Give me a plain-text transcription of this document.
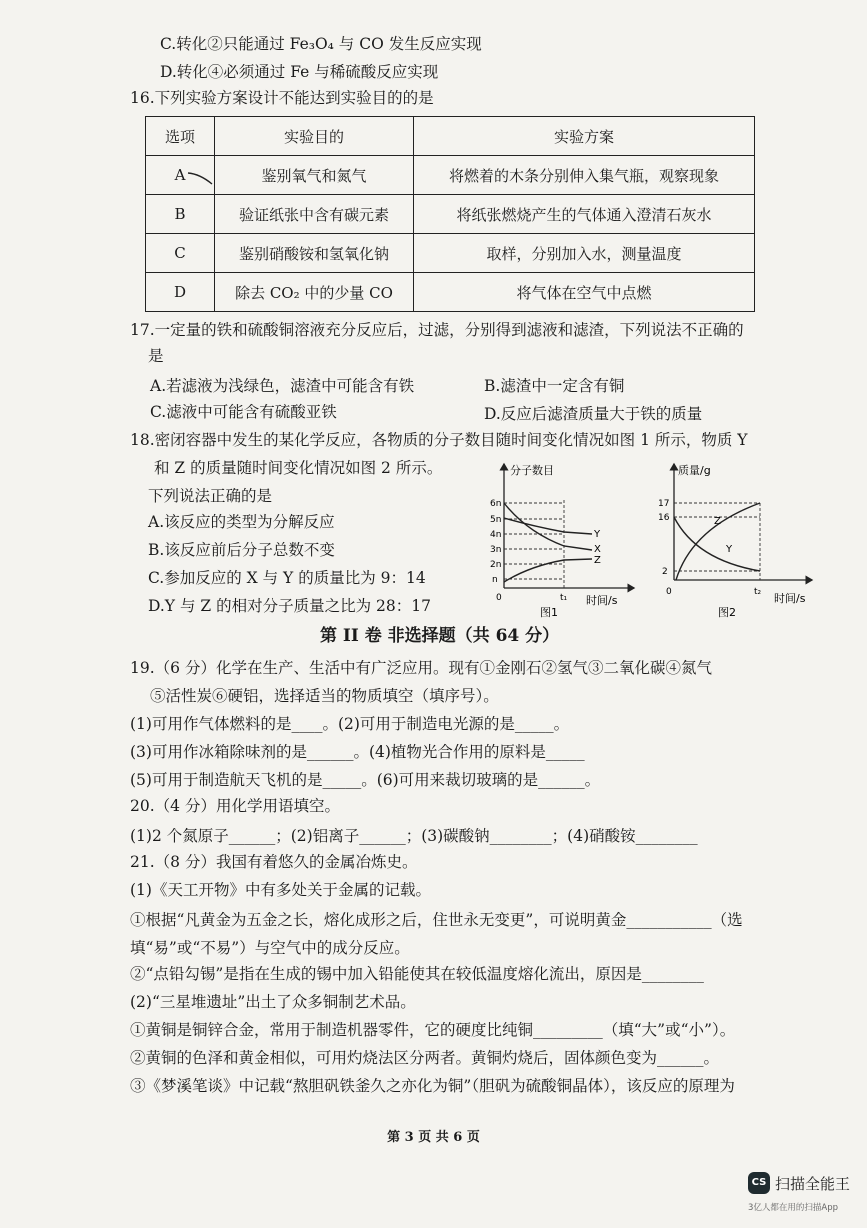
C.转化②只能通过 Fe₃O₄ 与 CO 发生反应实现
D.转化④必须通过 Fe 与稀硫酸反应实现
16.下列实验方案设计不能达到实验目的的是
选项	实验目的	实验方案
A	鉴别氧气和氮气	将燃着的木条分别伸入集气瓶，观察现象
B	验证纸张中含有碳元素	将纸张燃烧产生的气体通入澄清石灰水
C	鉴别硝酸铵和氢氧化钠	取样，分别加入水，测量温度
D	除去 CO₂ 中的少量 CO	将气体在空气中点燃
17.一定量的铁和硫酸铜溶液充分反应后，过滤，分别得到滤液和滤渣，下列说法不正确的
是
A.若滤液为浅绿色，滤渣中可能含有铁	B.滤渣中一定含有铜
C.滤液中可能含有硫酸亚铁	D.反应后滤渣质量大于铁的质量
18.密闭容器中发生的某化学反应，各物质的分子数目随时间变化情况如图 1 所示，物质 Y
和 Z 的质量随时间变化情况如图 2 所示。
下列说法正确的是
A.该反应的类型为分解反应
B.该反应前后分子总数不变
C.参加反应的 X 与 Y 的质量比为 9：14
D.Y 与 Z 的相对分子质量之比为 28：17
分子数目
时间/s
6n
5n
4n
3n
2n
n
0	t₁
Y
X
Z
图1
质量/g
时间/s
17
16
2
0	t₂
Z
Y
图2
第 II 卷 非选择题（共 64 分）
19.（6 分）化学在生产、生活中有广泛应用。现有①金刚石②氢气③二氧化碳④氮气
⑤活性炭⑥硬铝，选择适当的物质填空（填序号）。
(1)可用作气体燃料的是____。(2)可用于制造电光源的是_____。
(3)可用作冰箱除味剂的是______。(4)植物光合作用的原料是_____
(5)可用于制造航天飞机的是_____。(6)可用来裁切玻璃的是______。
20.（4 分）用化学用语填空。
(1)2 个氮原子______；(2)铝离子______；(3)碳酸钠________；(4)硝酸铵________
21.（8 分）我国有着悠久的金属冶炼史。
(1)《天工开物》中有多处关于金属的记载。
①根据“凡黄金为五金之长，熔化成形之后，住世永无变更”，可说明黄金___________（选
填“易”或“不易”）与空气中的成分反应。
②“点铅勾锡”是指在生成的锡中加入铅能使其在较低温度熔化流出，原因是________
(2)“三星堆遗址”出土了众多铜制艺术品。
①黄铜是铜锌合金，常用于制造机器零件，它的硬度比纯铜_________（填“大”或“小”）。
②黄铜的色泽和黄金相似，可用灼烧法区分两者。黄铜灼烧后，固体颜色变为______。
③《梦溪笔谈》中记载“熬胆矾铁釜久之亦化为铜”（胆矾为硫酸铜晶体），该反应的原理为
第 3 页 共 6 页
CS 扫描全能王
3亿人都在用的扫描App
